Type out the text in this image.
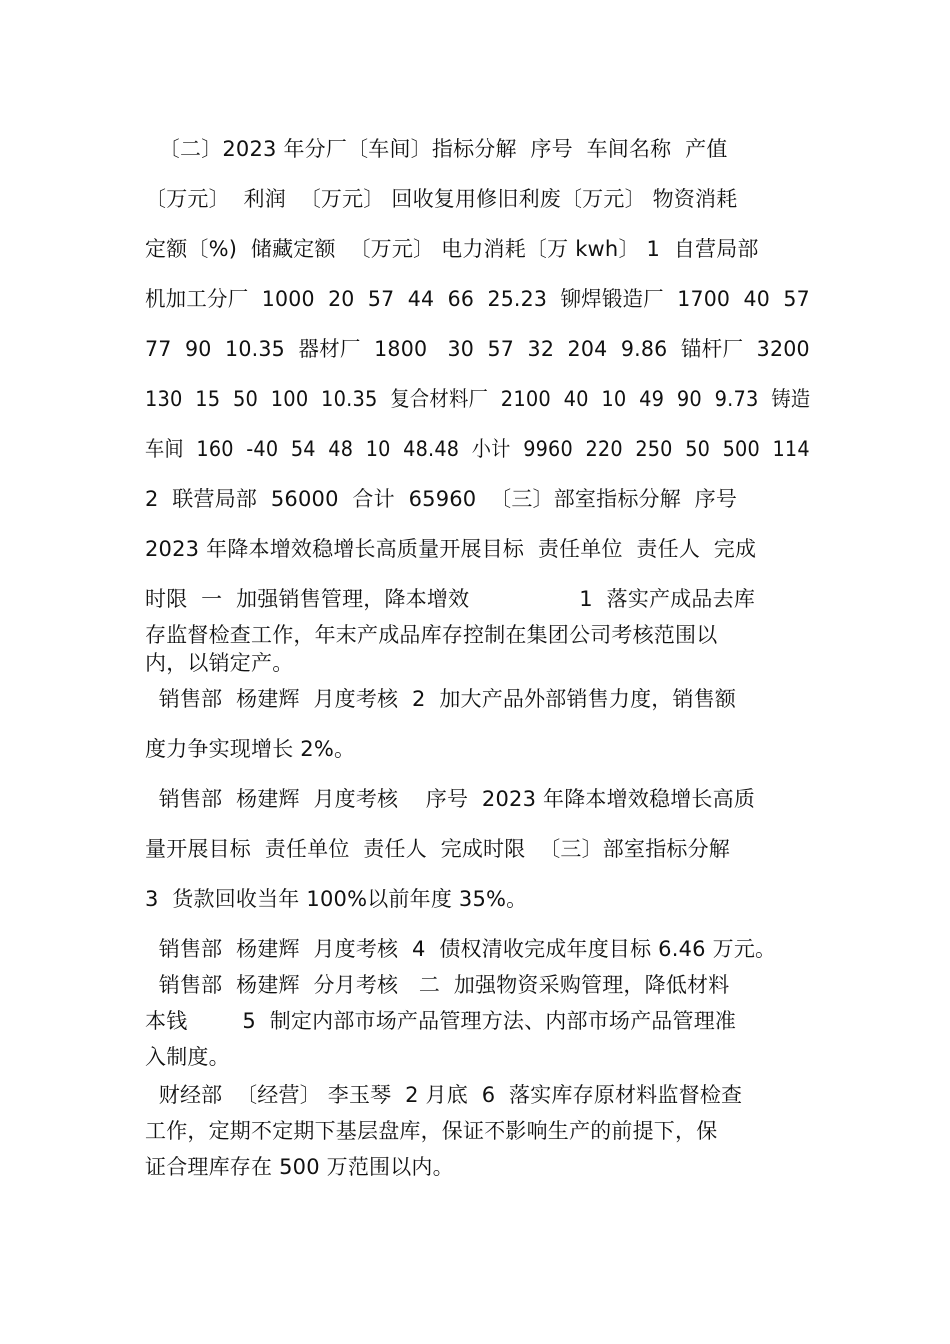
〔二〕2023 年分厂〔车间〕指标分解  序号  车间名称  产值
〔万元〕  利润  〔万元〕 回收复用修旧利废〔万元〕 物资消耗
定额〔%)  储藏定额  〔万元〕 电力消耗〔万 kwh〕 1  自营局部
机加工分厂  1000  20  57  44  66  25.23  铆焊锻造厂  1700  40  57
77  90  10.35  器材厂  1800   30  57  32  204  9.86  锚杆厂  3200
130  15  50  100  10.35  复合材料厂  2100  40  10  49  90  9.73  铸造
车间  160  -40  54  48  10  48.48  小计  9960  220  250  50  500  114
2  联营局部  56000  合计  65960  〔三〕部室指标分解  序号
2023 年降本增效稳增长高质量开展目标  责任单位  责任人  完成
时限  一  加强销售管理，降本增效                1  落实产成品去库
存监督检查工作，年末产成品库存控制在集团公司考核范围以
内，以销定产。
销售部  杨建辉  月度考核  2  加大产品外部销售力度，销售额
度力争实现增长 2%。
销售部  杨建辉  月度考核    序号  2023 年降本增效稳增长高质
量开展目标  责任单位  责任人  完成时限  〔三〕部室指标分解
3  货款回收当年 100%以前年度 35%。
销售部  杨建辉  月度考核  4  债权清收完成年度目标 6.46 万元。
销售部  杨建辉  分月考核   二  加强物资采购管理，降低材料
本钱        5  制定内部市场产品管理方法、内部市场产品管理准
入制度。
财经部  〔经营〕 李玉琴  2 月底  6  落实库存原材料监督检查
工作，定期不定期下基层盘库，保证不影响生产的前提下，保
证合理库存在 500 万范围以内。
